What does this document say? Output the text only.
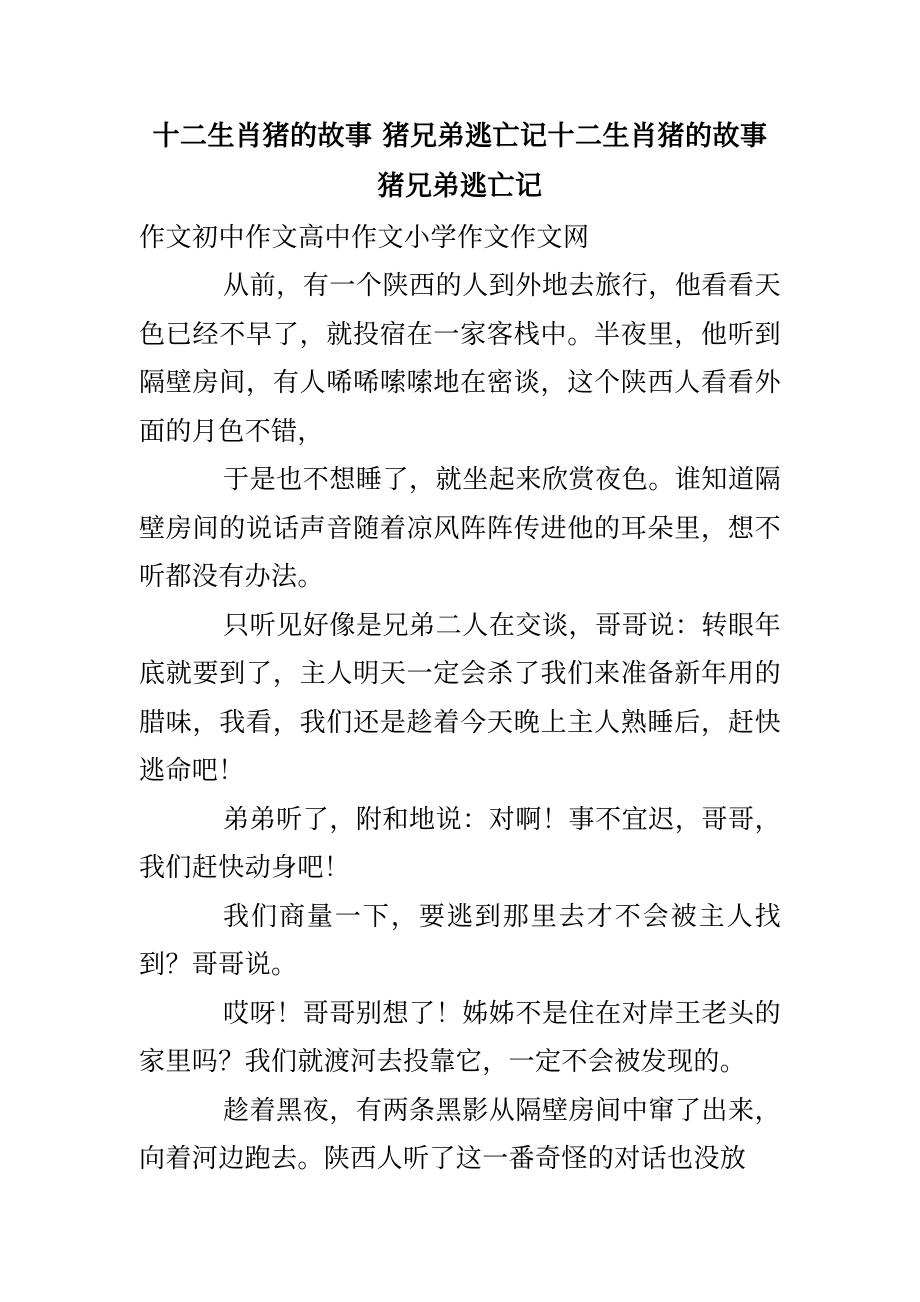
十二生肖猪的故事 猪兄弟逃亡记十二生肖猪的故事 猪兄弟逃亡记
作文初中作文高中作文小学作文作文网

从前，有一个陕西的人到外地去旅行，他看看天色已经不早了，就投宿在一家客栈中。半夜里，他听到隔壁房间，有人唏唏嗦嗦地在密谈，这个陕西人看看外面的月色不错，

于是也不想睡了，就坐起来欣赏夜色。谁知道隔壁房间的说话声音随着凉风阵阵传进他的耳朵里，想不听都没有办法。

只听见好像是兄弟二人在交谈，哥哥说：转眼年底就要到了，主人明天一定会杀了我们来准备新年用的腊味，我看，我们还是趁着今天晚上主人熟睡后，赶快逃命吧！

弟弟听了，附和地说：对啊！事不宜迟，哥哥，我们赶快动身吧！

我们商量一下，要逃到那里去才不会被主人找到？哥哥说。

哎呀！哥哥别想了！姊姊不是住在对岸王老头的家里吗？我们就渡河去投靠它，一定不会被发现的。

趁着黑夜，有两条黑影从隔壁房间中窜了出来，向着河边跑去。陕西人听了这一番奇怪的对话也没放
